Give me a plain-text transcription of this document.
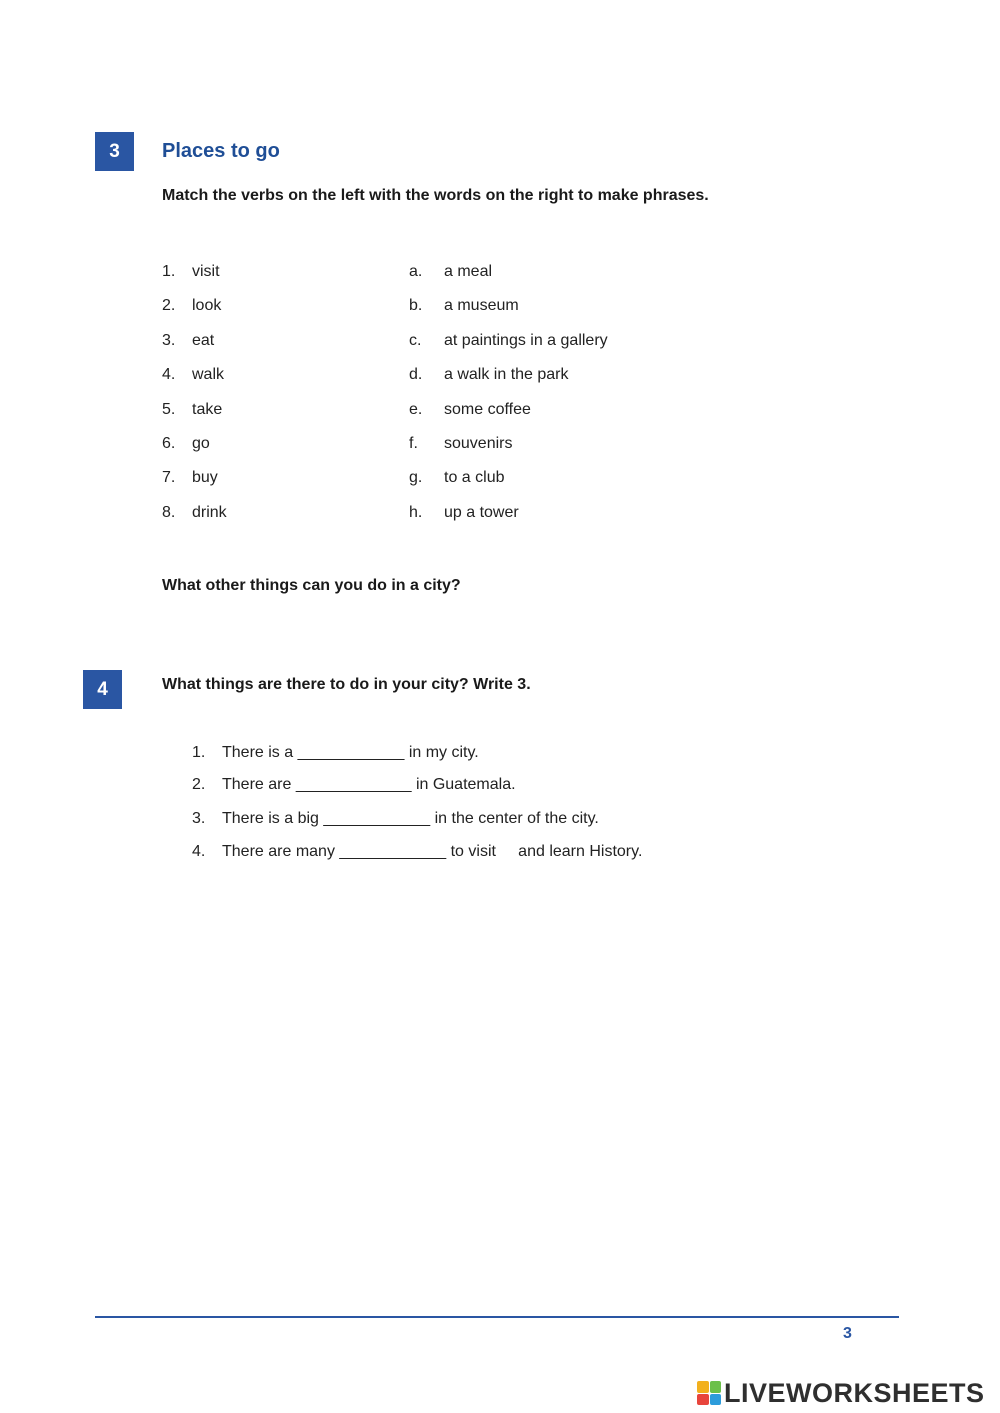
3	Places to go
Match the verbs on the left with the words on the right to make phrases.
1. visit
2. look
3. eat
4. walk
5. take
6. go
7. buy
8. drink
a. a meal
b. a museum
c. at paintings in a gallery
d. a walk in the park
e. some coffee
f. souvenirs
g. to a club
h. up a tower
What other things can you do in a city?
4	What things are there to do in your city? Write 3.
1. There is a ____________ in my city.
2. There are _____________ in Guatemala.
3. There is a big ____________ in the center of the city.
4. There are many ____________ to visit     and learn History.
3
LIVEWORKSHEETS
